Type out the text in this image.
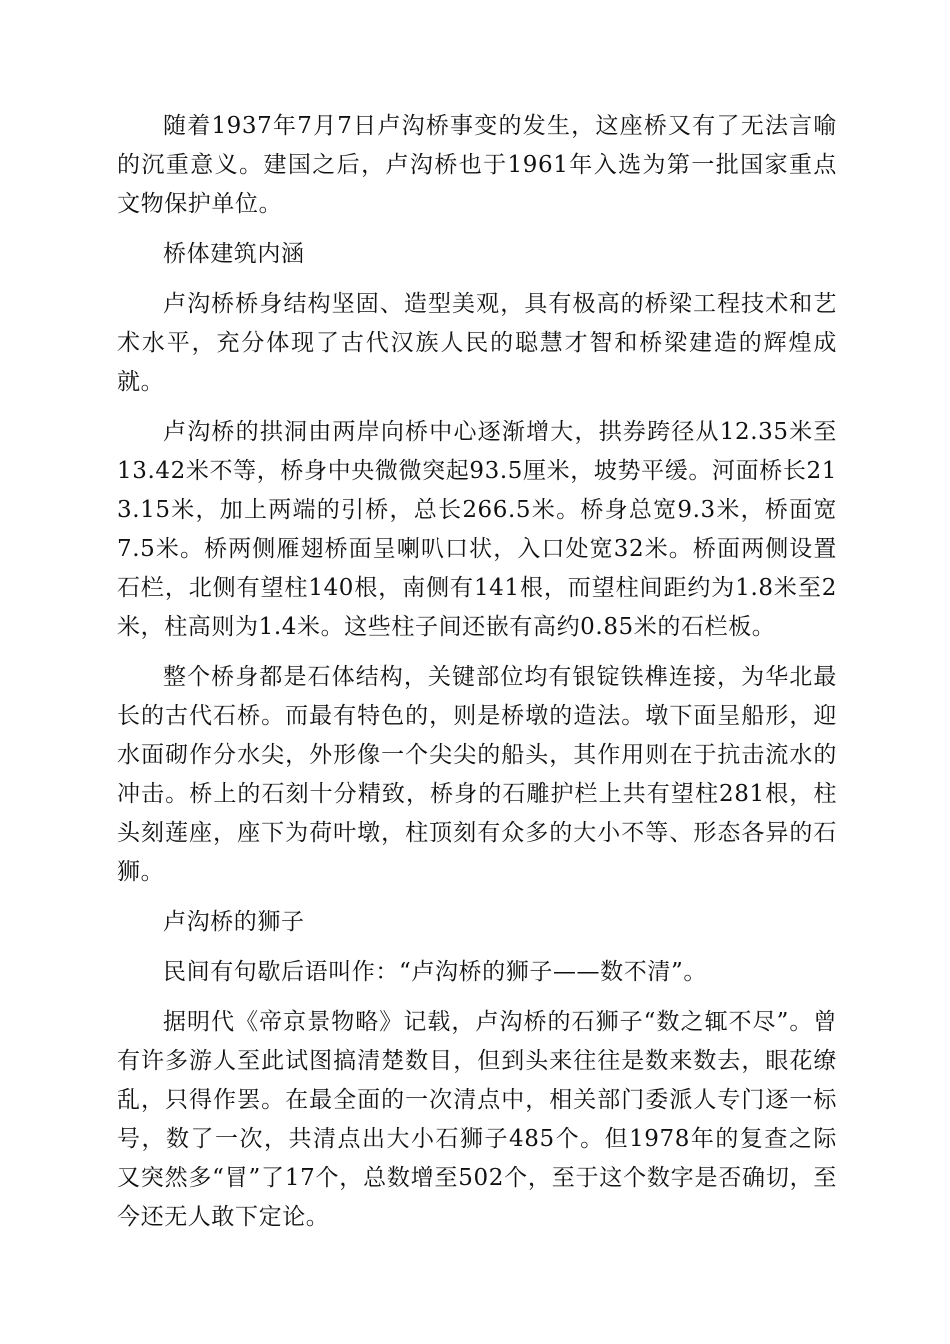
随着1937年7月7日卢沟桥事变的发生，这座桥又有了无法言喻的沉重意义。建国之后，卢沟桥也于1961年入选为第一批国家重点文物保护单位。

桥体建筑内涵

卢沟桥桥身结构坚固、造型美观，具有极高的桥梁工程技术和艺术水平，充分体现了古代汉族人民的聪慧才智和桥梁建造的辉煌成就。

卢沟桥的拱洞由两岸向桥中心逐渐增大，拱券跨径从12.35米至13.42米不等，桥身中央微微突起93.5厘米，坡势平缓。河面桥长213.15米，加上两端的引桥，总长266.5米。桥身总宽9.3米，桥面宽7.5米。桥两侧雁翅桥面呈喇叭口状，入口处宽32米。桥面两侧设置石栏，北侧有望柱140根，南侧有141根，而望柱间距约为1.8米至2米，柱高则为1.4米。这些柱子间还嵌有高约0.85米的石栏板。

整个桥身都是石体结构，关键部位均有银锭铁榫连接，为华北最长的古代石桥。而最有特色的，则是桥墩的造法。墩下面呈船形，迎水面砌作分水尖，外形像一个尖尖的船头，其作用则在于抗击流水的冲击。桥上的石刻十分精致，桥身的石雕护栏上共有望柱281根，柱头刻莲座，座下为荷叶墩，柱顶刻有众多的大小不等、形态各异的石狮。

卢沟桥的狮子

民间有句歇后语叫作：“卢沟桥的狮子——数不清”。

据明代《帝京景物略》记载，卢沟桥的石狮子“数之辄不尽”。曾有许多游人至此试图搞清楚数目，但到头来往往是数来数去，眼花缭乱，只得作罢。在最全面的一次清点中，相关部门委派人专门逐一标号，数了一次，共清点出大小石狮子485个。但1978年的复查之际又突然多“冒”了17个，总数增至502个，至于这个数字是否确切，至今还无人敢下定论。
